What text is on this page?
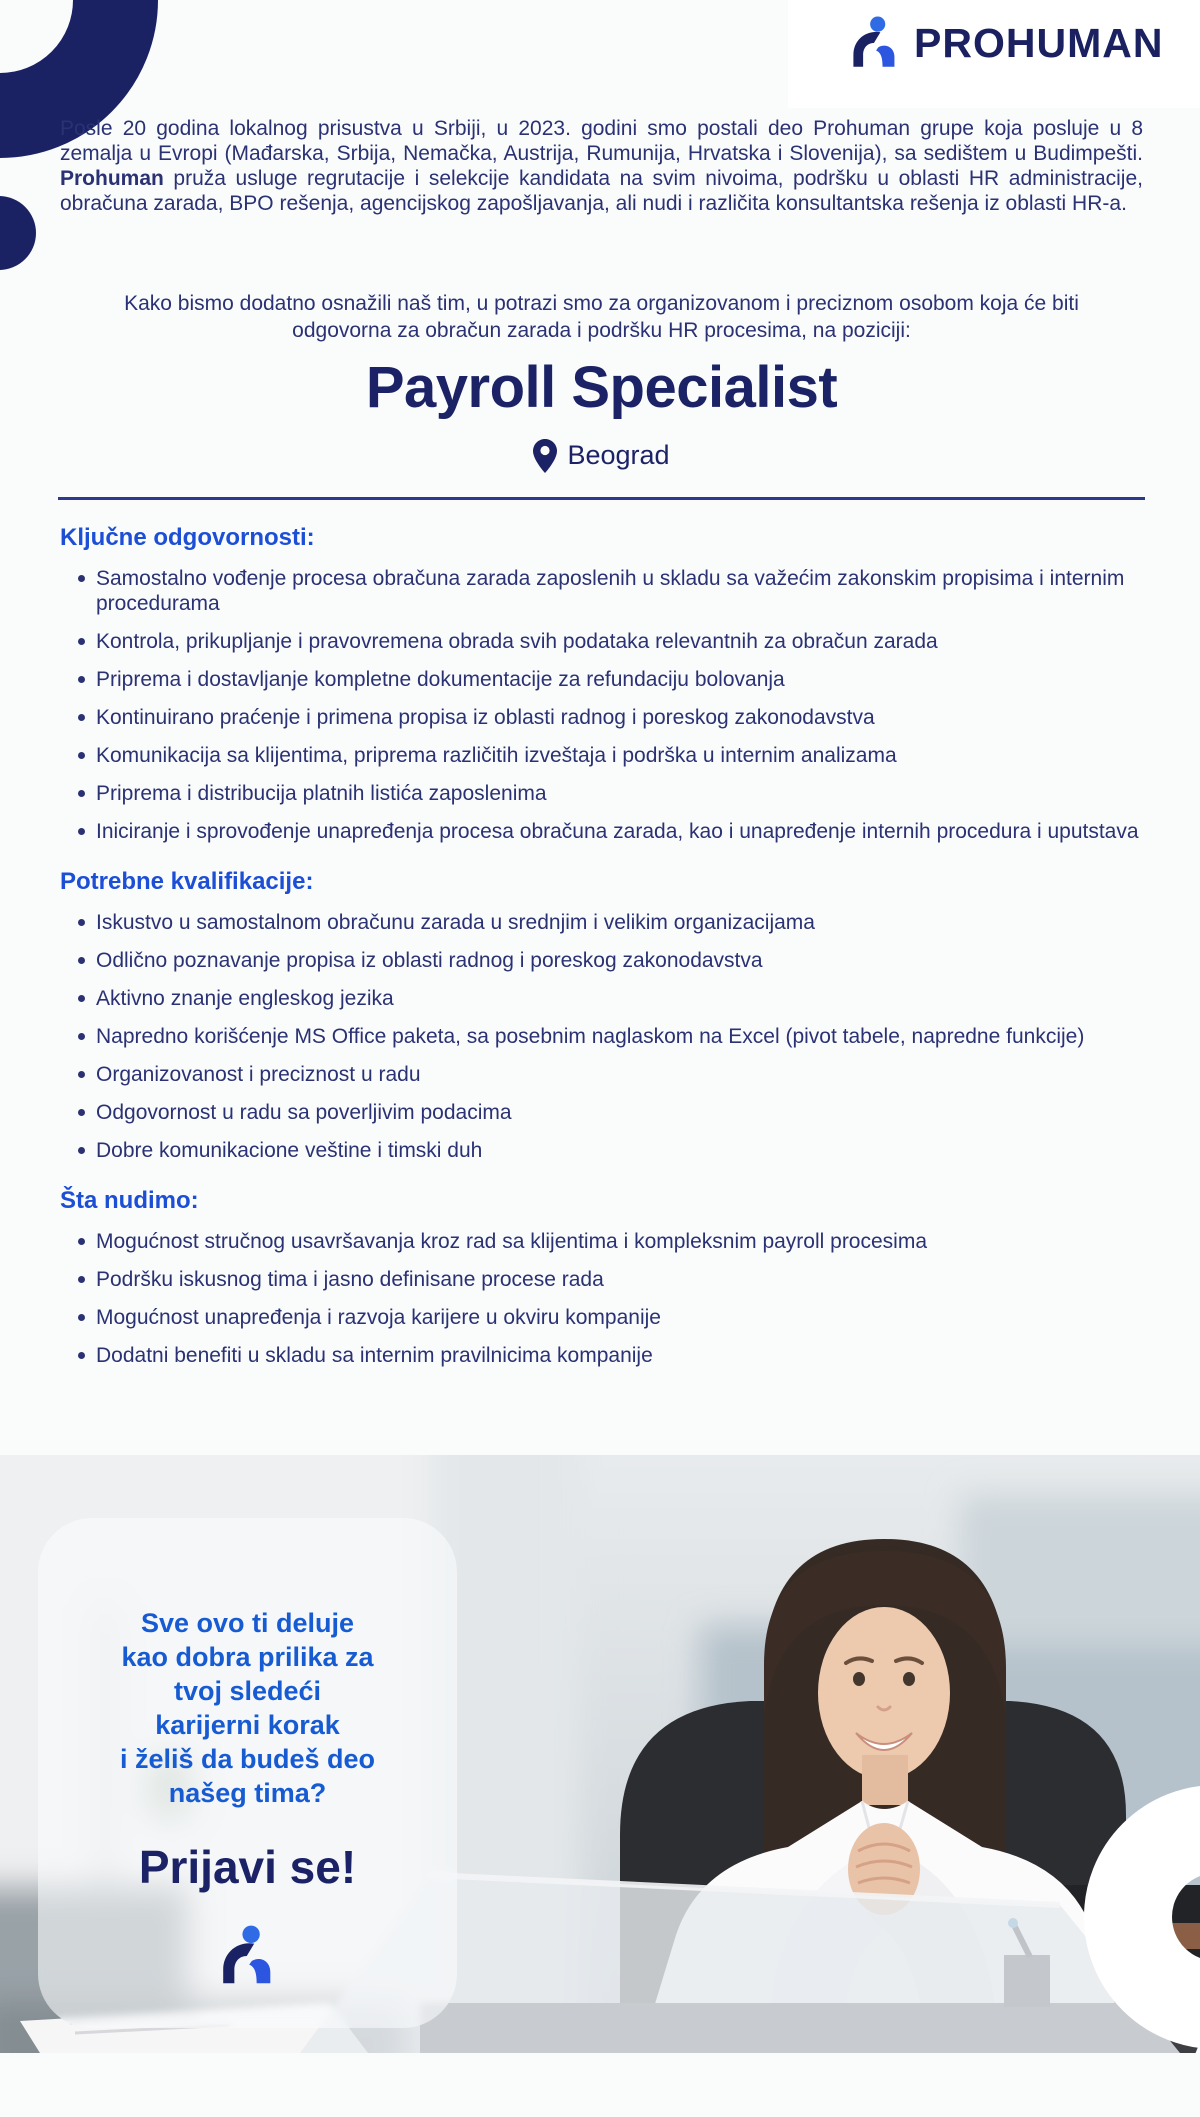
PROHUMAN

Posle 20 godina lokalnog prisustva u Srbiji, u 2023. godini smo postali deo Prohuman grupe koja posluje u 8 zemalja u Evropi (Mađarska, Srbija, Nemačka, Austrija, Rumunija, Hrvatska i Slovenija), sa sedištem u Budimpešti. Prohuman pruža usluge regrutacije i selekcije kandidata na svim nivoima, podršku u oblasti HR administracije, obračuna zarada, BPO rešenja, agencijskog zapošljavanja, ali nudi i različita konsultantska rešenja iz oblasti HR-a.

Kako bismo dodatno osnažili naš tim, u potrazi smo za organizovanom i preciznom osobom koja će biti odgovorna za obračun zarada i podršku HR procesima, na poziciji:

Payroll Specialist
Beograd
Ključne odgovornosti:
Samostalno vođenje procesa obračuna zarada zaposlenih u skladu sa važećim zakonskim propisima i internim procedurama
Kontrola, prikupljanje i pravovremena obrada svih podataka relevantnih za obračun zarada
Priprema i dostavljanje kompletne dokumentacije za refundaciju bolovanja
Kontinuirano praćenje i primena propisa iz oblasti radnog i poreskog zakonodavstva
Komunikacija sa klijentima, priprema različitih izveštaja i podrška u internim analizama
Priprema i distribucija platnih listića zaposlenima
Iniciranje i sprovođenje unapređenja procesa obračuna zarada, kao i unapređenje internih procedura i uputstava
Potrebne kvalifikacije:
Iskustvo u samostalnom obračunu zarada u srednjim i velikim organizacijama
Odlično poznavanje propisa iz oblasti radnog i poreskog zakonodavstva
Aktivno znanje engleskog jezika
Napredno korišćenje MS Office paketa, sa posebnim naglaskom na Excel (pivot tabele, napredne funkcije)
Organizovanost i preciznost u radu
Odgovornost u radu sa poverljivim podacima
Dobre komunikacione veštine i timski duh
Šta nudimo:
Mogućnost stručnog usavršavanja kroz rad sa klijentima i kompleksnim payroll procesima
Podršku iskusnog tima i jasno definisane procese rada
Mogućnost unapređenja i razvoja karijere u okviru kompanije
Dodatni benefiti u skladu sa internim pravilnicima kompanije
Sve ovo ti deluje
kao dobra prilika za
tvoj sledeći
karijerni korak
i želiš da budeš deo
našeg tima?
Prijavi se!
